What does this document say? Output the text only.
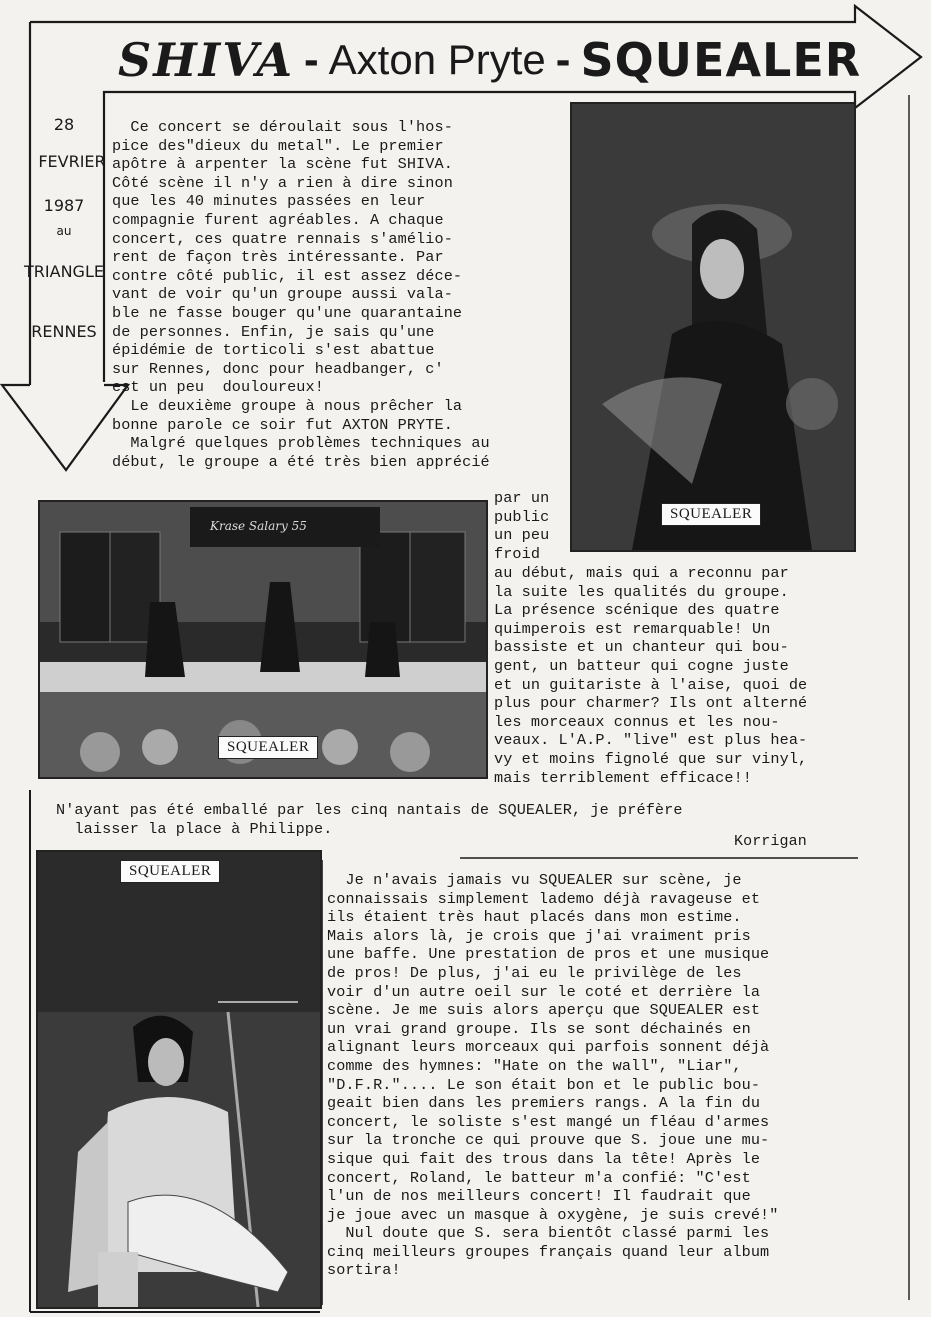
SHIVA - Axton Pryte - SQUEALER
28
FEVRIER
1987
au
TRIANGLE
RENNES
Ce concert se déroulait sous l'hos-
pice des"dieux du metal". Le premier
apôtre à arpenter la scène fut SHIVA.
Côté scène il n'y a rien à dire sinon
que les 40 minutes passées en leur
compagnie furent agréables. A chaque
concert, ces quatre rennais s'amélio-
rent de façon très intéressante. Par
contre côté public, il est assez déce-
vant de voir qu'un groupe aussi vala-
ble ne fasse bouger qu'une quarantaine
de personnes. Enfin, je sais qu'une
épidémie de torticoli s'est abattue
sur Rennes, donc pour headbanger, c'
est un peu  douloureux!
Le deuxième groupe à nous prêcher la
bonne parole ce soir fut AXTON PRYTE.
Malgré quelques problèmes techniques au
début, le groupe a été très bien apprécié
par un
public
un peu
froid
au début, mais qui a reconnu par
la suite les qualités du groupe.
La présence scénique des quatre
quimperois est remarquable! Un
bassiste et un chanteur qui bou-
gent, un batteur qui cogne juste
et un guitariste à l'aise, quoi de
plus pour charmer? Ils ont alterné
les morceaux connus et les nou-
veaux. L'A.P. "live" est plus hea-
vy et moins fignolé que sur vinyl,
mais terriblement efficace!!
N'ayant pas été emballé par les cinq nantais de SQUEALER, je préfère
laisser la place à Philippe.
Korrigan
SQUEALER
Krase Salary 55
SQUEALER
SQUEALER	Je n'avais jamais vu SQUEALER sur scène, je
connaissais simplement lademo déjà ravageuse et
ils étaient très haut placés dans mon estime.
Mais alors là, je crois que j'ai vraiment pris
une baffe. Une prestation de pros et une musique
de pros! De plus, j'ai eu le privilège de les
voir d'un autre oeil sur le coté et derrière la
scène. Je me suis alors aperçu que SQUEALER est
un vrai grand groupe. Ils se sont déchainés en
alignant leurs morceaux qui parfois sonnent déjà
comme des hymnes: "Hate on the wall", "Liar",
"D.F.R.".... Le son était bon et le public bou-
geait bien dans les premiers rangs. A la fin du
concert, le soliste s'est mangé un fléau d'armes
sur la tronche ce qui prouve que S. joue une mu-
sique qui fait des trous dans la tête! Après le
concert, Roland, le batteur m'a confié: "C'est
l'un de nos meilleurs concert! Il faudrait que
je joue avec un masque à oxygène, je suis crevé!"
Nul doute que S. sera bientôt classé parmi les
cinq meilleurs groupes français quand leur album
sortira!
